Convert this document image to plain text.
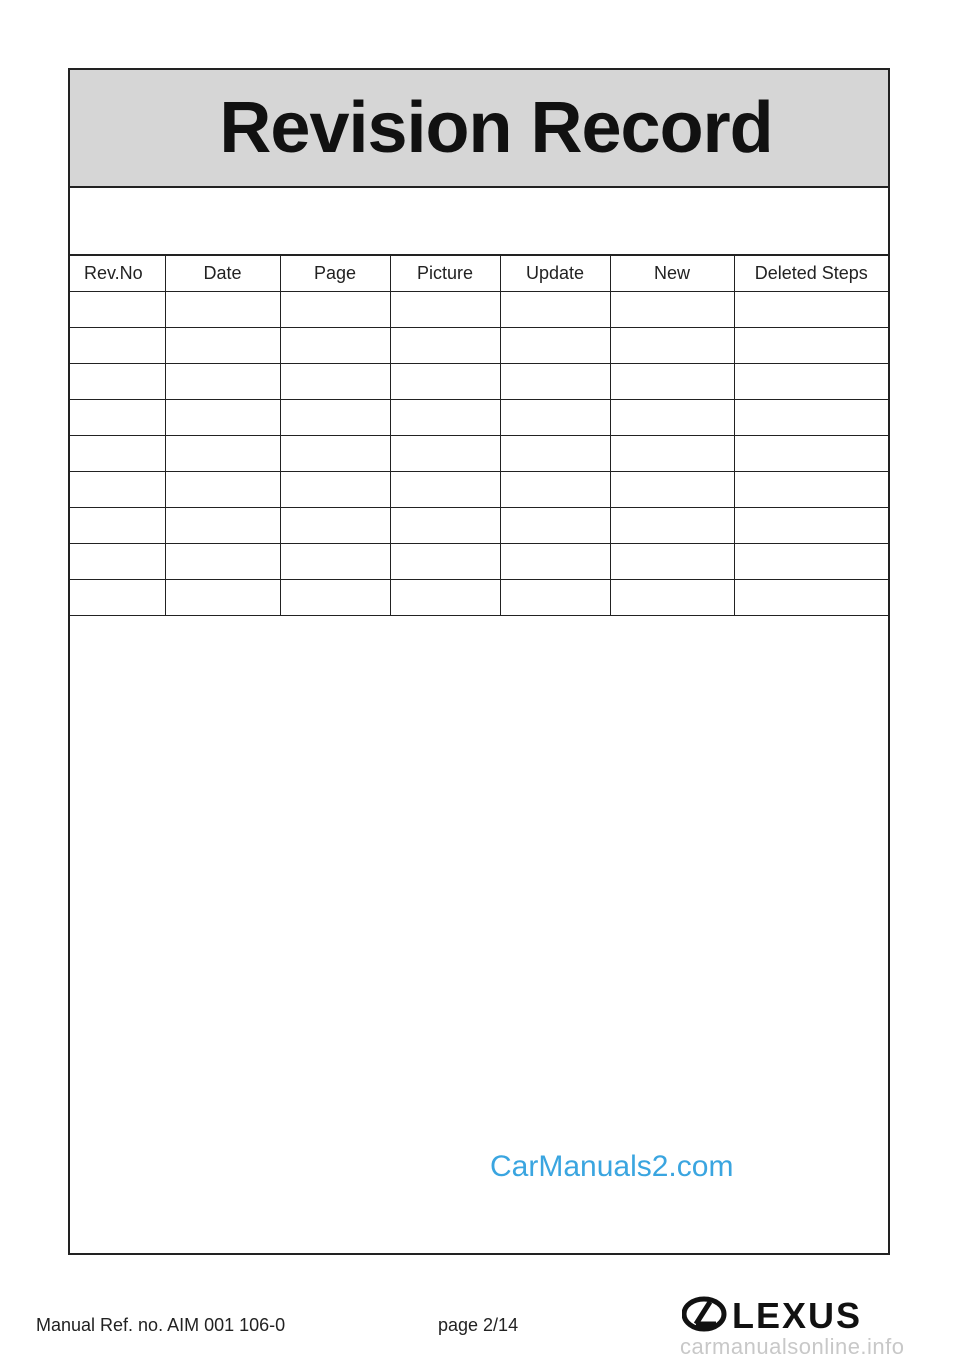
Revision Record
Rev.No	Date	Page	Picture	Update	New	Deleted Steps

CarManuals2.com
Manual Ref. no. AIM 001 106-0	page 2/14	LEXUS
carmanualsonline.info
